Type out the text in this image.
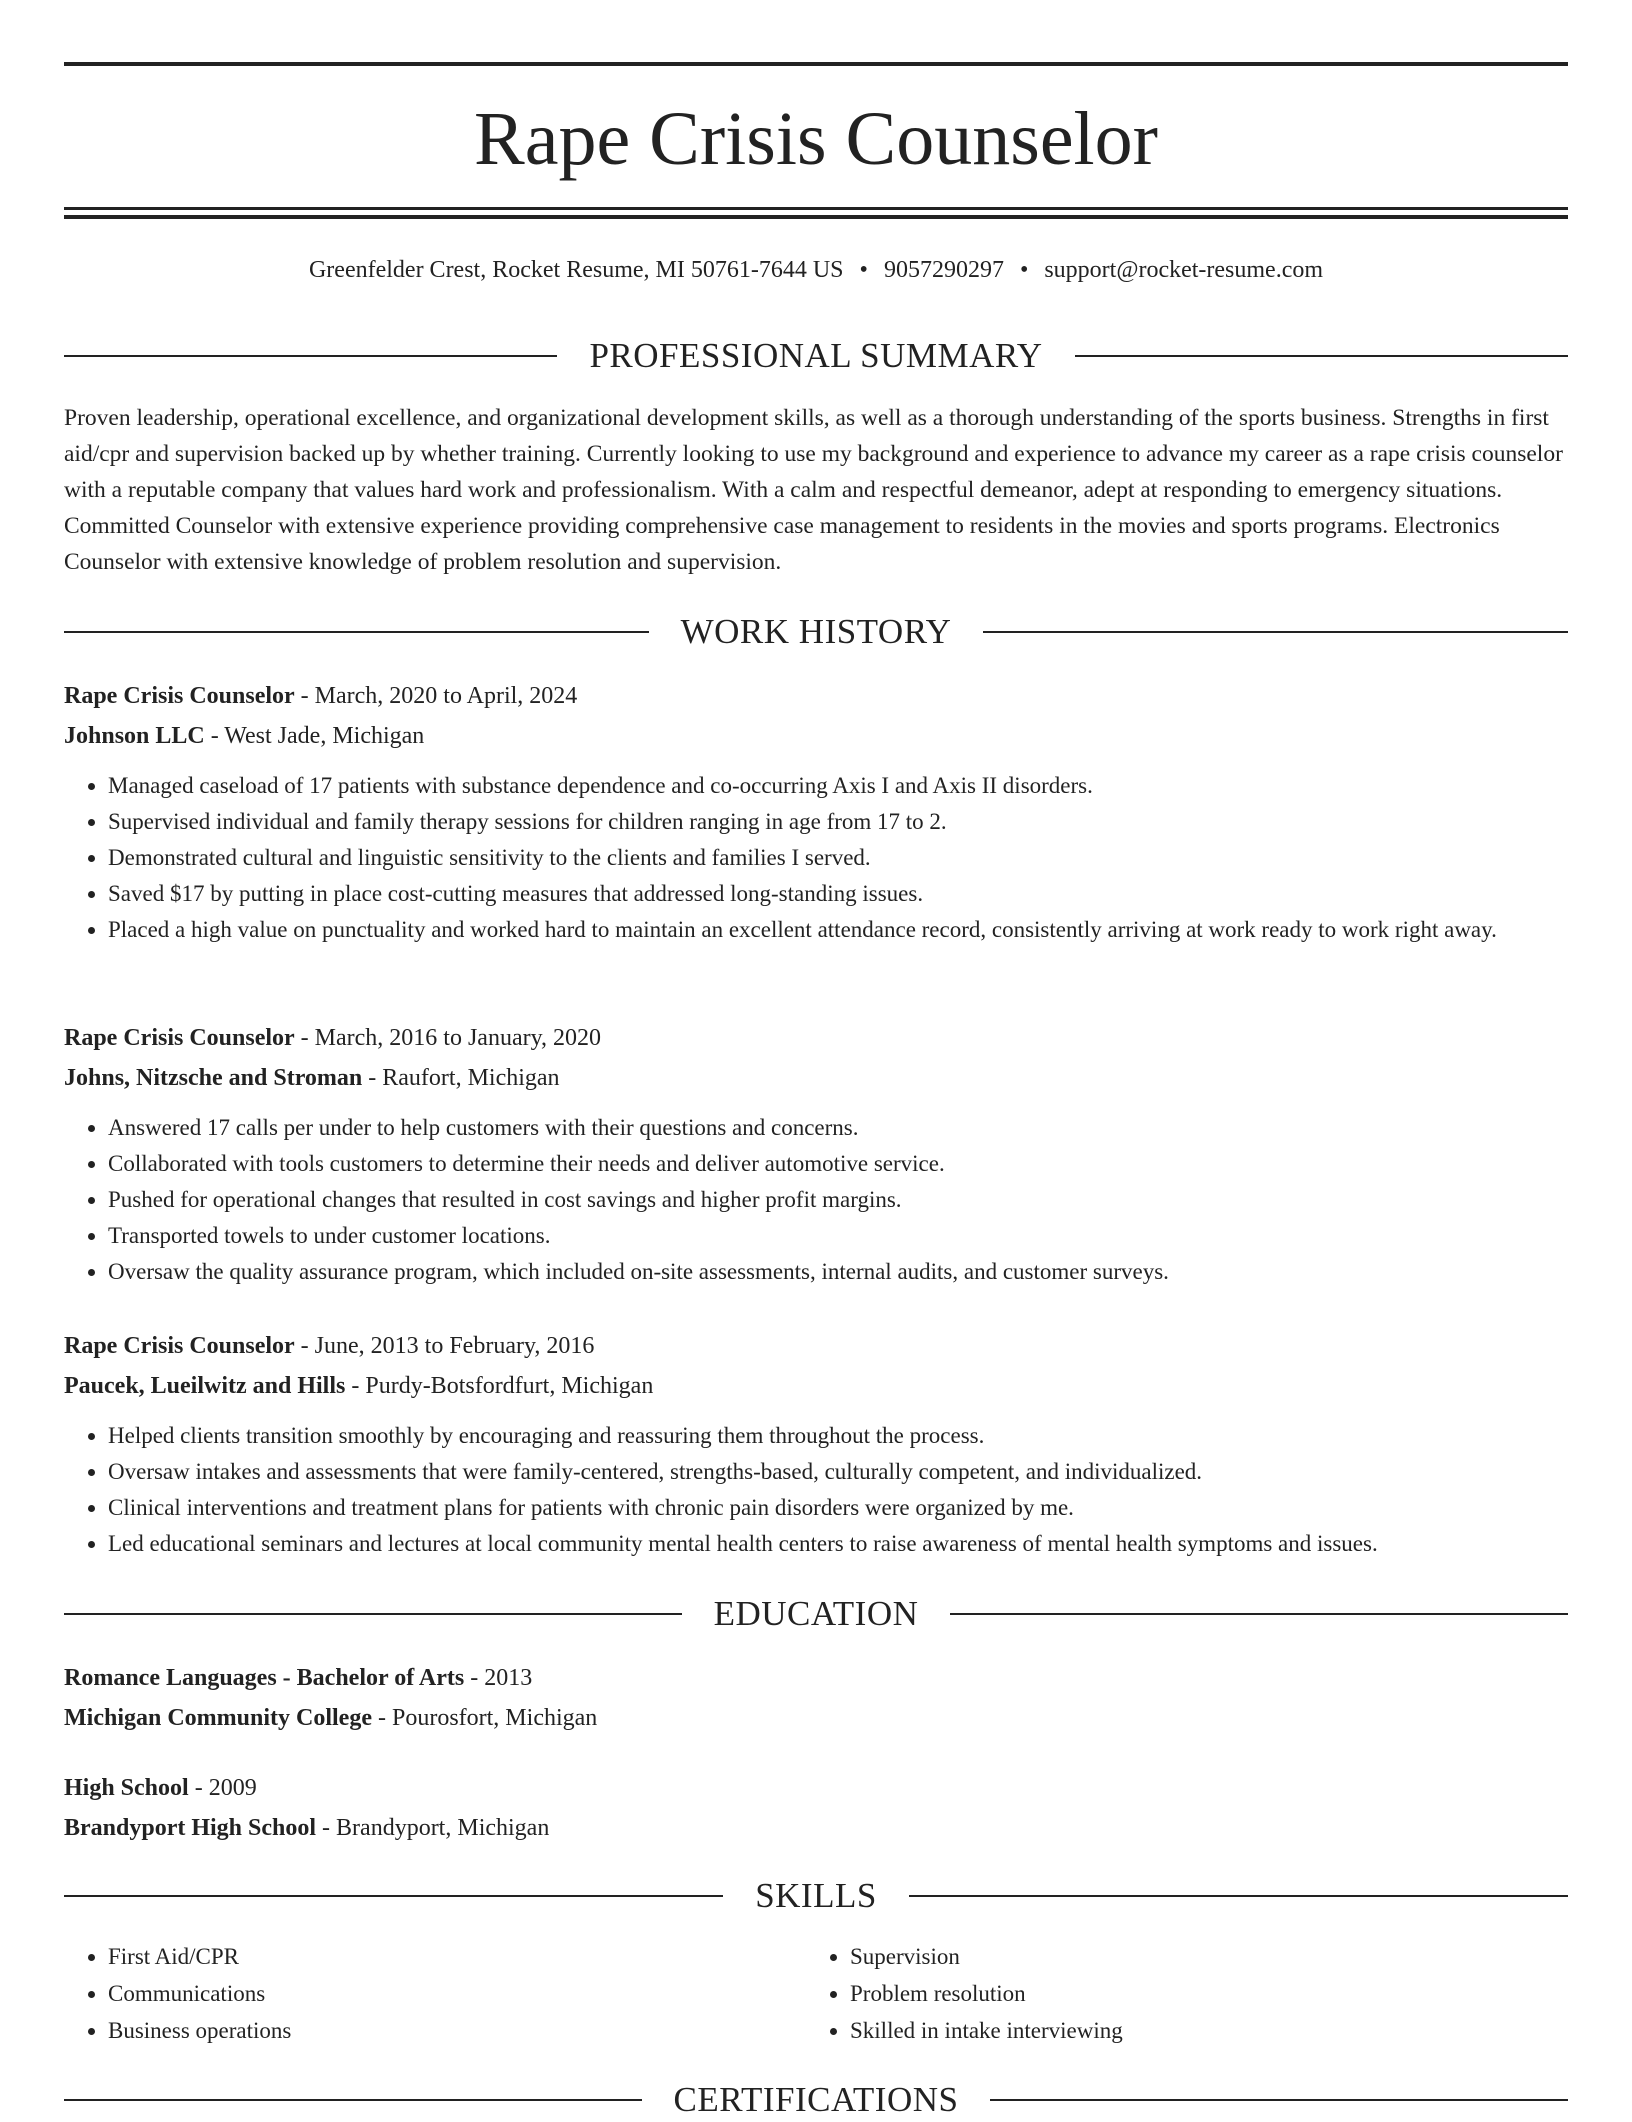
Rape Crisis Counselor
Greenfelder Crest, Rocket Resume, MI 50761-7644 US • 9057290297 • support@rocket-resume.com
PROFESSIONAL SUMMARY

Proven leadership, operational excellence, and organizational development skills, as well as a thorough understanding of the sports business. Strengths in first aid/cpr and supervision backed up by whether training. Currently looking to use my background and experience to advance my career as a rape crisis counselor with a reputable company that values hard work and professionalism. With a calm and respectful demeanor, adept at responding to emergency situations. Committed Counselor with extensive experience providing comprehensive case management to residents in the movies and sports programs. Electronics Counselor with extensive knowledge of problem resolution and supervision.

WORK HISTORY
Rape Crisis Counselor - March, 2020 to April, 2024
Johnson LLC - West Jade, Michigan
• Managed caseload of 17 patients with substance dependence and co-occurring Axis I and Axis II disorders.
• Supervised individual and family therapy sessions for children ranging in age from 17 to 2.
• Demonstrated cultural and linguistic sensitivity to the clients and families I served.
• Saved $17 by putting in place cost-cutting measures that addressed long-standing issues.
• Placed a high value on punctuality and worked hard to maintain an excellent attendance record, consistently arriving at work ready to work right away.
Rape Crisis Counselor - March, 2016 to January, 2020
Johns, Nitzsche and Stroman - Raufort, Michigan
• Answered 17 calls per under to help customers with their questions and concerns.
• Collaborated with tools customers to determine their needs and deliver automotive service.
• Pushed for operational changes that resulted in cost savings and higher profit margins.
• Transported towels to under customer locations.
• Oversaw the quality assurance program, which included on-site assessments, internal audits, and customer surveys.
Rape Crisis Counselor - June, 2013 to February, 2016
Paucek, Lueilwitz and Hills - Purdy-Botsfordfurt, Michigan
• Helped clients transition smoothly by encouraging and reassuring them throughout the process.
• Oversaw intakes and assessments that were family-centered, strengths-based, culturally competent, and individualized.
• Clinical interventions and treatment plans for patients with chronic pain disorders were organized by me.
• Led educational seminars and lectures at local community mental health centers to raise awareness of mental health symptoms and issues.
EDUCATION
Romance Languages - Bachelor of Arts - 2013
Michigan Community College - Pourosfort, Michigan
High School - 2009
Brandyport High School - Brandyport, Michigan
SKILLS
• First Aid/CPR
• Communications
• Business operations
• Supervision
• Problem resolution
• Skilled in intake interviewing
CERTIFICATIONS
